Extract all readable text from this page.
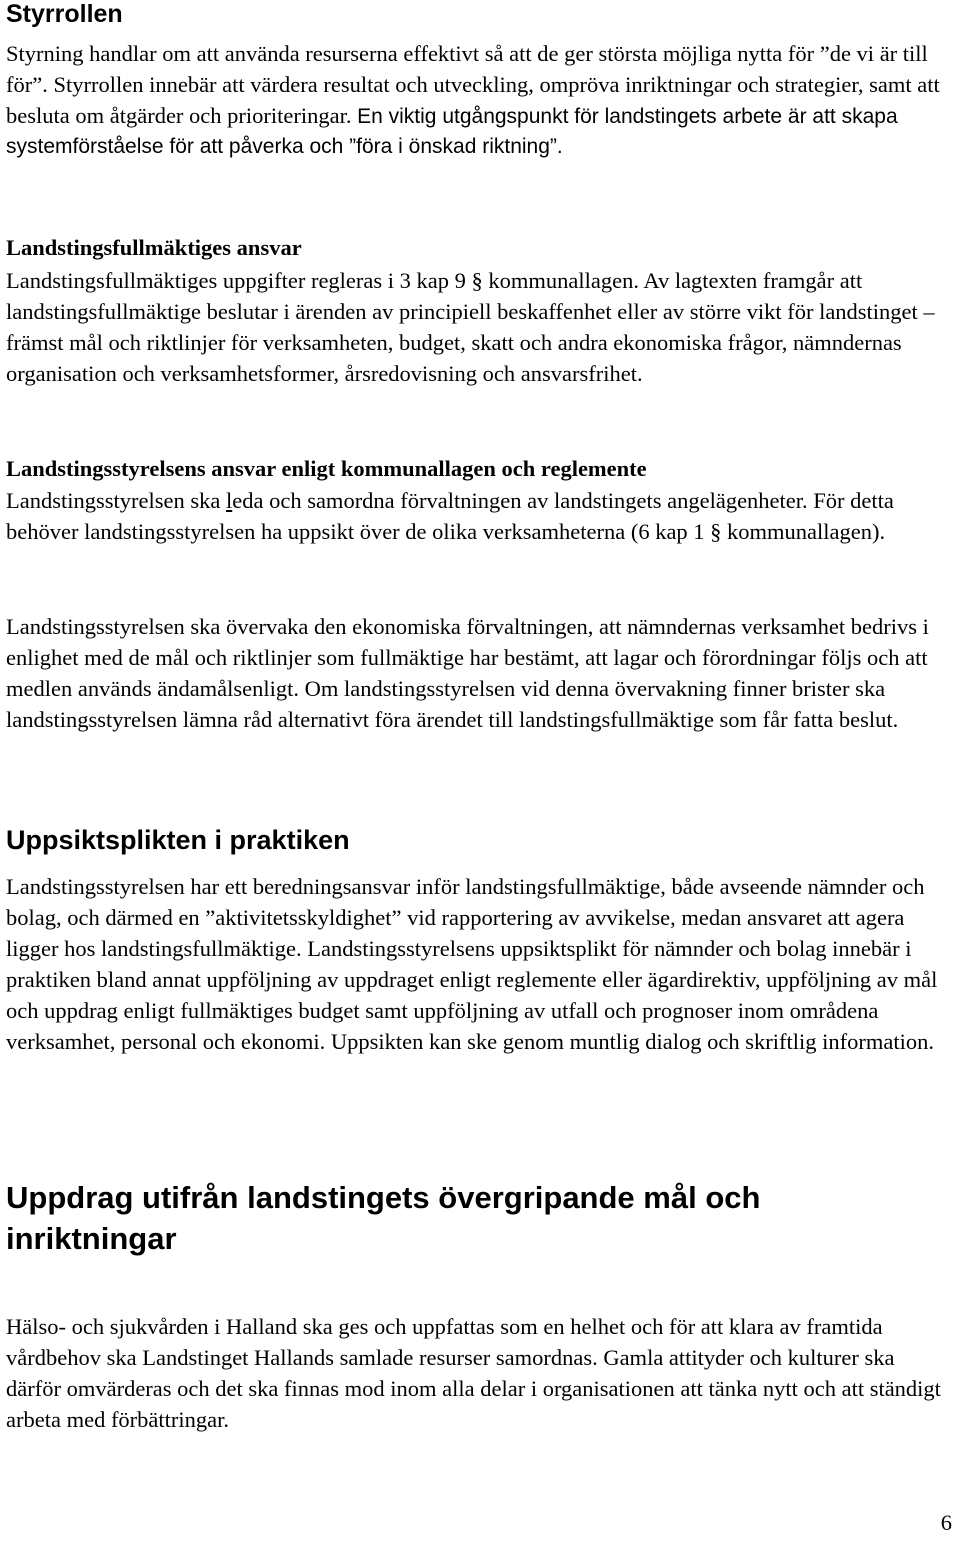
Styrrollen

Styrning handlar om att använda resurserna effektivt så att de ger största möjliga nytta för ”de vi är till för”. Styrrollen innebär att värdera resultat och utveckling, ompröva inriktningar och strategier, samt att besluta om åtgärder och prioriteringar. En viktig utgångspunkt för landstingets arbete är att skapa systemförståelse för att påverka och ”föra i önskad riktning”.

Landstingsfullmäktiges ansvar

Landstingsfullmäktiges uppgifter regleras i 3 kap 9 § kommunallagen. Av lagtexten framgår att landstingsfullmäktige beslutar i ärenden av principiell beskaffenhet eller av större vikt för landstinget – främst mål och riktlinjer för verksamheten, budget, skatt och andra ekonomiska frågor, nämndernas organisation och verksamhetsformer, årsredovisning och ansvarsfrihet.

Landstingsstyrelsens ansvar enligt kommunallagen och reglemente

Landstingsstyrelsen ska leda och samordna förvaltningen av landstingets angelägenheter. För detta behöver landstingsstyrelsen ha uppsikt över de olika verksamheterna (6 kap 1 § kommunallagen).

Landstingsstyrelsen ska övervaka den ekonomiska förvaltningen, att nämndernas verksamhet bedrivs i enlighet med de mål och riktlinjer som fullmäktige har bestämt, att lagar och förordningar följs och att medlen används ändamålsenligt. Om landstingsstyrelsen vid denna övervakning finner brister ska landstingsstyrelsen lämna råd alternativt föra ärendet till landstingsfullmäktige som får fatta beslut.

Uppsiktsplikten i praktiken

Landstingsstyrelsen har ett beredningsansvar inför landstingsfullmäktige, både avseende nämnder och bolag, och därmed en ”aktivitetsskyldighet” vid rapportering av avvikelse, medan ansvaret att agera ligger hos landstingsfullmäktige. Landstingsstyrelsens uppsiktsplikt för nämnder och bolag innebär i praktiken bland annat uppföljning av uppdraget enligt reglemente eller ägardirektiv, uppföljning av mål och uppdrag enligt fullmäktiges budget samt uppföljning av utfall och prognoser inom områdena verksamhet, personal och ekonomi. Uppsikten kan ske genom muntlig dialog och skriftlig information.

Uppdrag utifrån landstingets övergripande mål och inriktningar

Hälso- och sjukvården i Halland ska ges och uppfattas som en helhet och för att klara av framtida vårdbehov ska Landstinget Hallands samlade resurser samordnas. Gamla attityder och kulturer ska därför omvärderas och det ska finnas mod inom alla delar i organisationen att tänka nytt och att ständigt arbeta med förbättringar.

6
